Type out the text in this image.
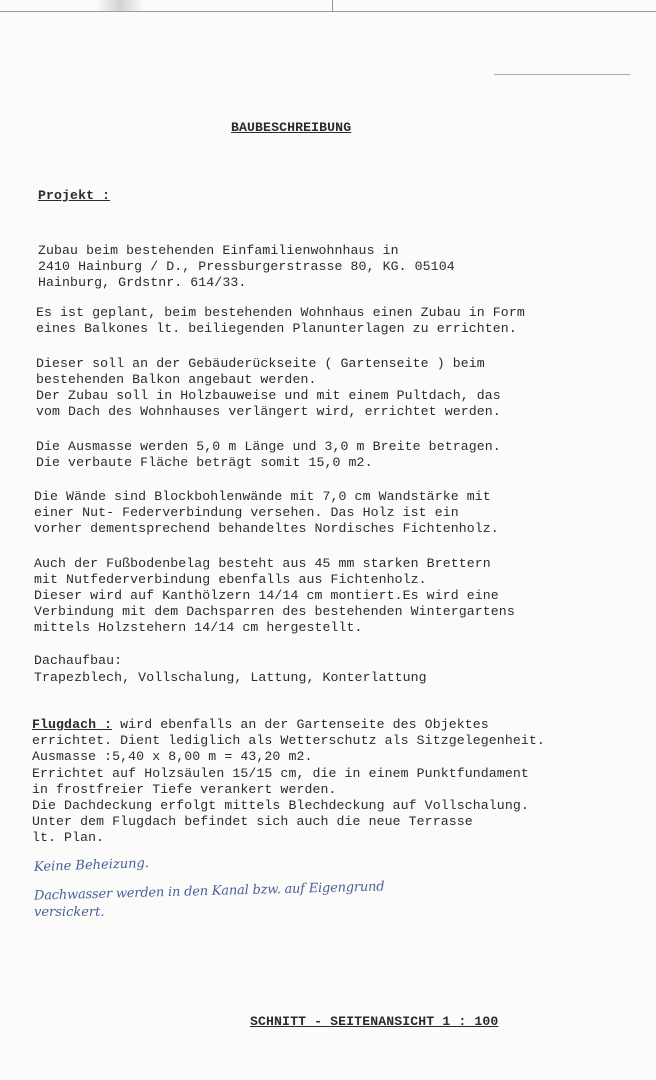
BAUBESCHREIBUNG
Projekt :
Zubau beim bestehenden Einfamilienwohnhaus in
2410 Hainburg / D., Pressburgerstrasse 80, KG. 05104
Hainburg, Grdstnr. 614/33.
Es ist geplant, beim bestehenden Wohnhaus einen Zubau in Form
eines Balkones lt. beiliegenden Planunterlagen zu errichten.
Dieser soll an der Gebäuderückseite ( Gartenseite ) beim
bestehenden Balkon angebaut werden.
Der Zubau soll in Holzbauweise und mit einem Pultdach, das
vom Dach des Wohnhauses verlängert wird, errichtet werden.
Die Ausmasse werden 5,0 m Länge und 3,0 m Breite betragen.
Die verbaute Fläche beträgt somit 15,0 m2.
Die Wände sind Blockbohlenwände mit 7,0 cm Wandstärke mit
einer Nut- Federverbindung versehen. Das Holz ist ein
vorher dementsprechend behandeltes Nordisches Fichtenholz.
Auch der Fußbodenbelag besteht aus 45 mm starken Brettern
mit Nutfederverbindung ebenfalls aus Fichtenholz.
Dieser wird auf Kanthölzern 14/14 cm montiert.Es wird eine
Verbindung mit dem Dachsparren des bestehenden Wintergartens
mittels Holzstehern 14/14 cm hergestellt.
Dachaufbau:
Trapezblech, Vollschalung, Lattung, Konterlattung
Flugdach : wird ebenfalls an der Gartenseite des Objektes
errichtet. Dient lediglich als Wetterschutz als Sitzgelegenheit.
Ausmasse :5,40 x 8,00 m = 43,20 m2.
Errichtet auf Holzsäulen 15/15 cm, die in einem Punktfundament
in frostfreier Tiefe verankert werden.
Die Dachdeckung erfolgt mittels Blechdeckung auf Vollschalung.
Unter dem Flugdach befindet sich auch die neue Terrasse
lt. Plan.
Keine Beheizung.
Dachwasser werden in den Kanal bzw. auf Eigengrund
versickert.
SCHNITT - SEITENANSICHT 1 : 100
